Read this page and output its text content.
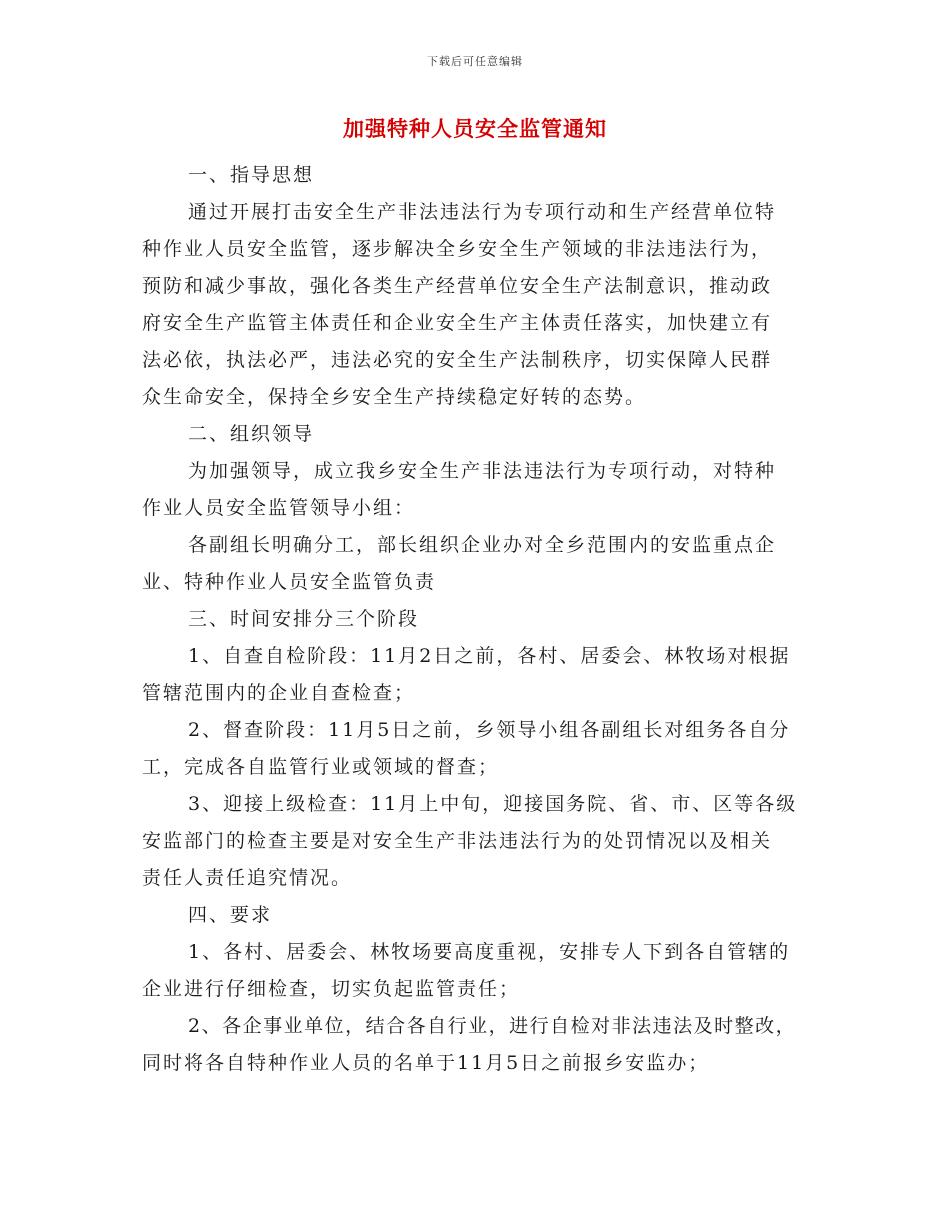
下载后可任意编辑
加强特种人员安全监管通知
一、指导思想
通过开展打击安全生产非法违法行为专项行动和生产经营单位特
种作业人员安全监管，逐步解决全乡安全生产领域的非法违法行为，
预防和减少事故，强化各类生产经营单位安全生产法制意识，推动政
府安全生产监管主体责任和企业安全生产主体责任落实，加快建立有
法必依，执法必严，违法必究的安全生产法制秩序，切实保障人民群
众生命安全，保持全乡安全生产持续稳定好转的态势。
二、组织领导
为加强领导，成立我乡安全生产非法违法行为专项行动，对特种
作业人员安全监管领导小组：
各副组长明确分工，部长组织企业办对全乡范围内的安监重点企
业、特种作业人员安全监管负责
三、时间安排分三个阶段
1、自查自检阶段：11月2日之前，各村、居委会、林牧场对根据
管辖范围内的企业自查检查；
2、督查阶段：11月5日之前，乡领导小组各副组长对组务各自分
工，完成各自监管行业或领域的督查；
3、迎接上级检查：11月上中旬，迎接国务院、省、市、区等各级
安监部门的检查主要是对安全生产非法违法行为的处罚情况以及相关
责任人责任追究情况。
四、要求
1、各村、居委会、林牧场要高度重视，安排专人下到各自管辖的
企业进行仔细检查，切实负起监管责任；
2、各企事业单位，结合各自行业，进行自检对非法违法及时整改，
同时将各自特种作业人员的名单于11月5日之前报乡安监办；
